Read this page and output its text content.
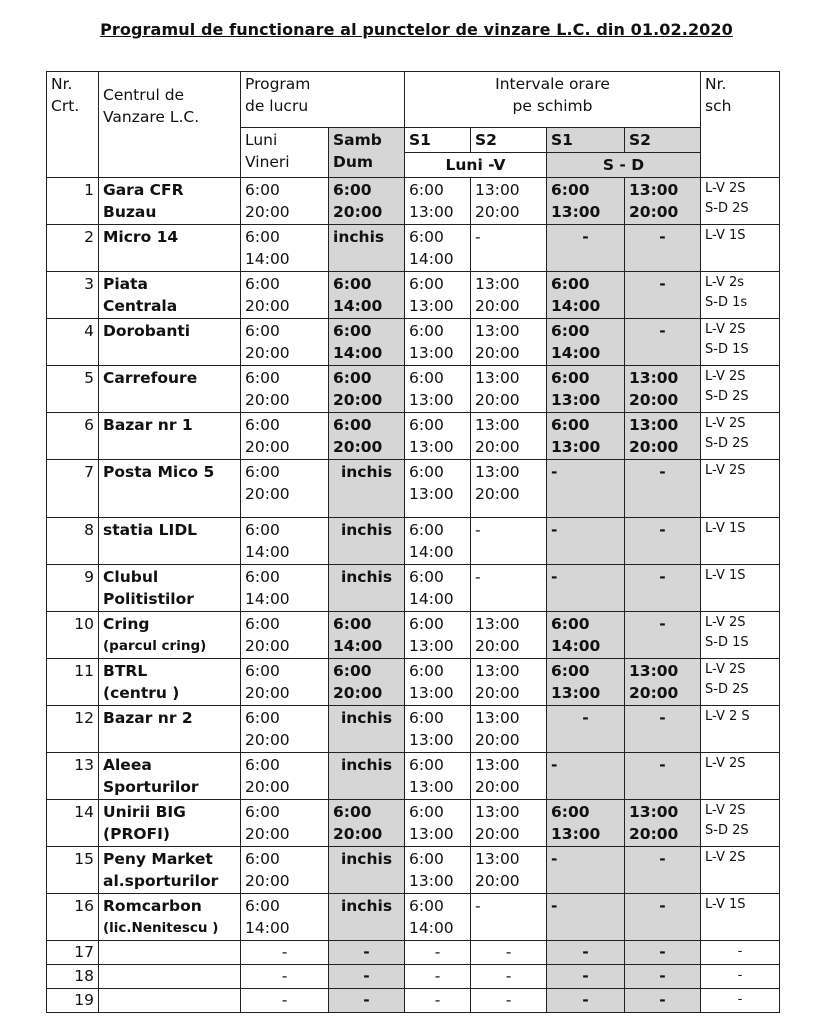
Programul de functionare al punctelor de vinzare L.C. din 01.02.2020
Nr.
Crt.	Centrul de
Vanzare L.C.	Program
de lucru		Intervale orare
pe schimb				Nr.
sch

		Luni
Vineri	Samb
Dum	S1	S2	S1	S2	
				Luni -V		S - D		
1	Gara CFR
Buzau	6:00
20:00	6:00
20:00	6:00
13:00	13:00
20:00	6:00
13:00	13:00
20:00	L-V 2S
S-D 2S

2	Micro 14	6:00
14:00	inchis	6:00
14:00	-	-	-	L-V 1S

3	Piata
Centrala	6:00
20:00	6:00
14:00	6:00
13:00	13:00
20:00	6:00
14:00	-	L-V 2s
S-D 1s

4	Dorobanti	6:00
20:00	6:00
14:00	6:00
13:00	13:00
20:00	6:00
14:00	-	L-V 2S
S-D 1S

5	Carrefoure	6:00
20:00	6:00
20:00	6:00
13:00	13:00
20:00	6:00
13:00	13:00
20:00	L-V 2S
S-D 2S

6	Bazar nr 1	6:00
20:00	6:00
20:00	6:00
13:00	13:00
20:00	6:00
13:00	13:00
20:00	L-V 2S
S-D 2S

7	Posta Mico 5	6:00
20:00	inchis	6:00
13:00	13:00
20:00	-	-	L-V 2S

8	statia LIDL	6:00
14:00	inchis	6:00
14:00	-	-	-	L-V 1S

9	Clubul
Politistilor	6:00
14:00	inchis	6:00
14:00	-	-	-	L-V 1S

10	Cring
(parcul cring)	6:00
20:00	6:00
14:00	6:00
13:00	13:00
20:00	6:00
14:00	-	L-V 2S
S-D 1S

11	BTRL
(centru )	6:00
20:00	6:00
20:00	6:00
13:00	13:00
20:00	6:00
13:00	13:00
20:00	L-V 2S
S-D 2S

12	Bazar nr 2	6:00
20:00	inchis	6:00
13:00	13:00
20:00	-	-	L-V 2 S

13	Aleea
Sporturilor	6:00
20:00	inchis	6:00
13:00	13:00
20:00	-	-	L-V 2S

14	Unirii BIG
(PROFI)	6:00
20:00	6:00
20:00	6:00
13:00	13:00
20:00	6:00
13:00	13:00
20:00	L-V 2S
S-D 2S

15	Peny Market
al.sporturilor	6:00
20:00	inchis	6:00
13:00	13:00
20:00	-	-	L-V 2S

16	Romcarbon
(lic.Nenitescu )	6:00
14:00	inchis	6:00
14:00	-	-	-	L-V 1S

17		-	-	-	-	-	-	-

18		-	-	-	-	-	-	-

19		-	-	-	-	-	-	-
